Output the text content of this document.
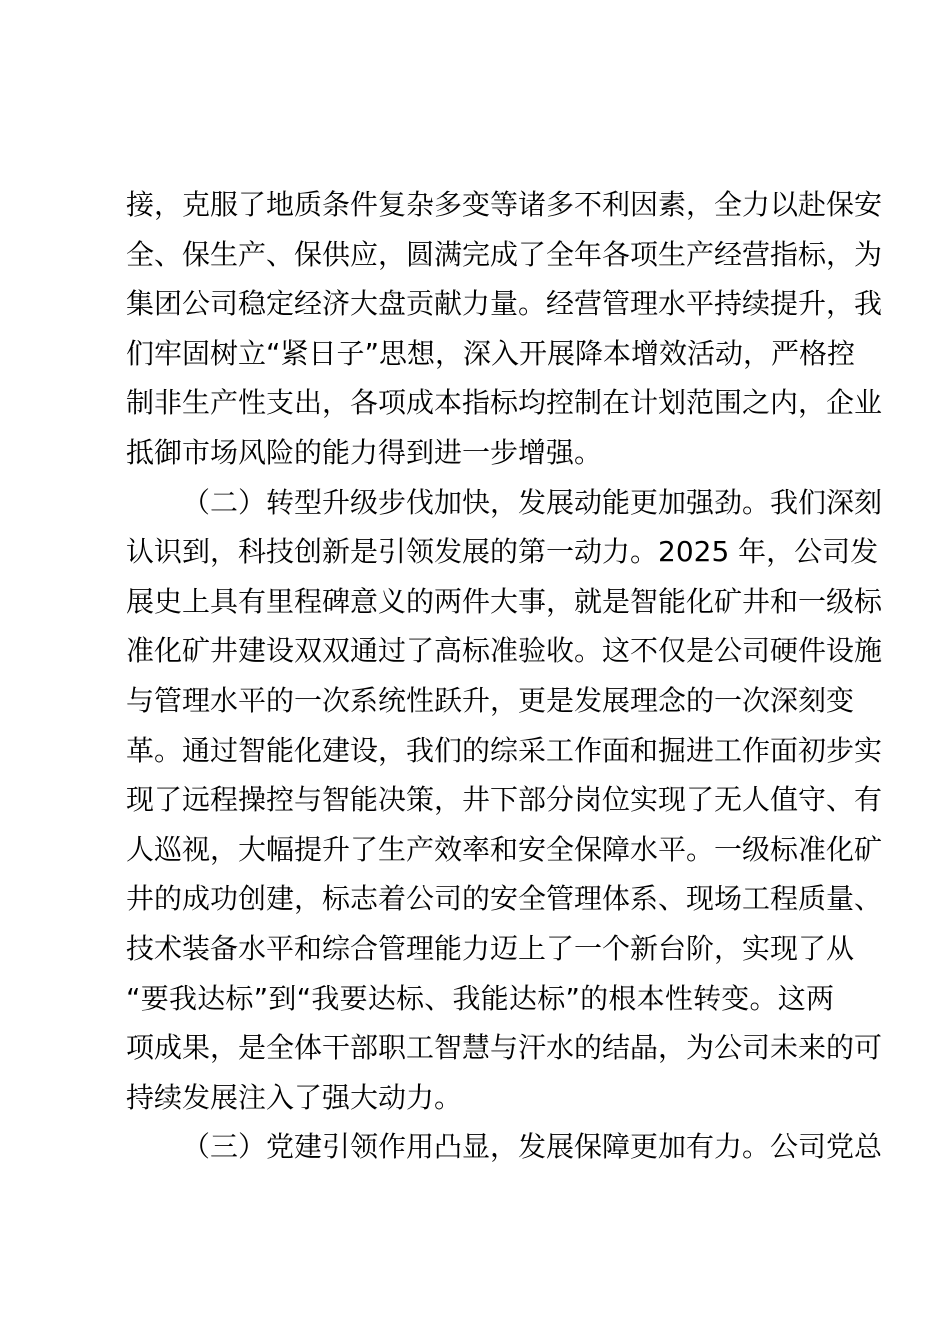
接，克服了地质条件复杂多变等诸多不利因素，全力以赴保安
全、保生产、保供应，圆满完成了全年各项生产经营指标，为
集团公司稳定经济大盘贡献力量。经营管理水平持续提升，我
们牢固树立“紧日子”思想，深入开展降本增效活动，严格控
制非生产性支出，各项成本指标均控制在计划范围之内，企业
抵御市场风险的能力得到进一步增强。
（二）转型升级步伐加快，发展动能更加强劲。我们深刻
认识到，科技创新是引领发展的第一动力。2025 年，公司发
展史上具有里程碑意义的两件大事，就是智能化矿井和一级标
准化矿井建设双双通过了高标准验收。这不仅是公司硬件设施
与管理水平的一次系统性跃升，更是发展理念的一次深刻变
革。通过智能化建设，我们的综采工作面和掘进工作面初步实
现了远程操控与智能决策，井下部分岗位实现了无人值守、有
人巡视，大幅提升了生产效率和安全保障水平。一级标准化矿
井的成功创建，标志着公司的安全管理体系、现场工程质量、
技术装备水平和综合管理能力迈上了一个新台阶，实现了从
“要我达标”到“我要达标、我能达标”的根本性转变。这两
项成果，是全体干部职工智慧与汗水的结晶，为公司未来的可
持续发展注入了强大动力。
（三）党建引领作用凸显，发展保障更加有力。公司党总
